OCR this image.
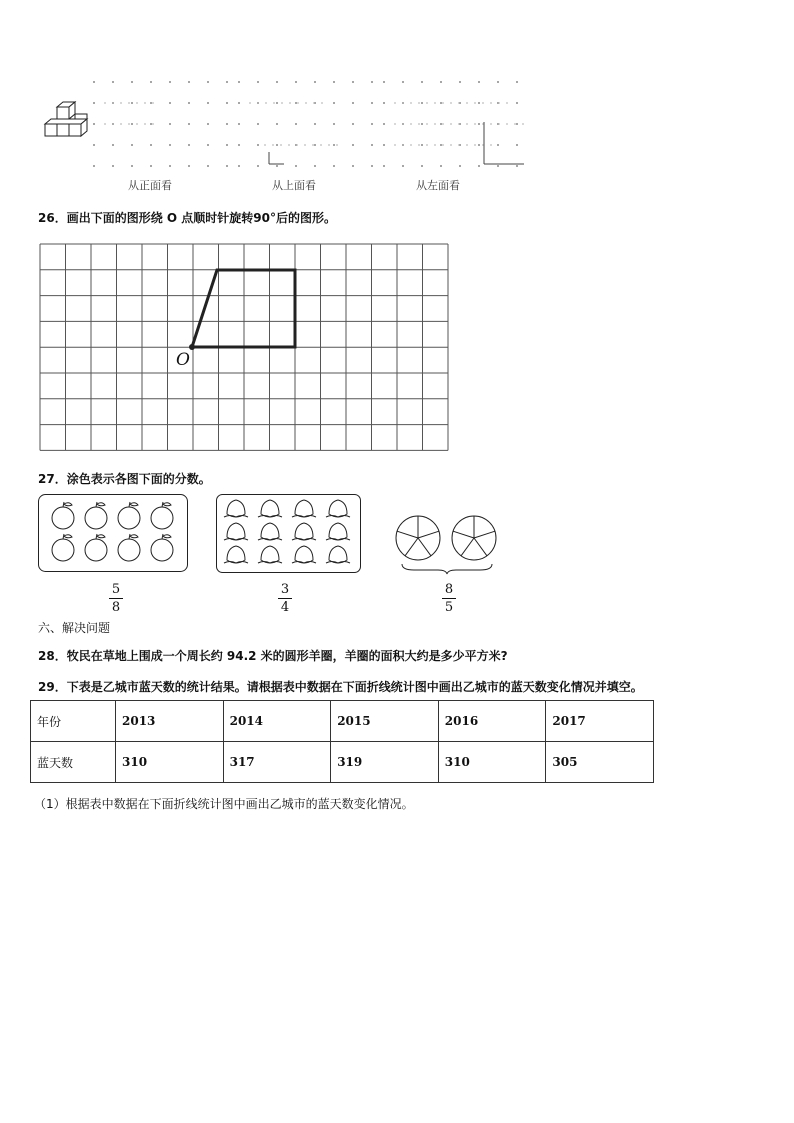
从正面看	从上面看	从左面看
26．画出下面的图形绕 O 点顺时针旋转90°后的图形。
O
27．涂色表示各图下面的分数。
5
8
3
4
8
5
六、解决问题
28．牧民在草地上围成一个周长约 94.2 米的圆形羊圈，羊圈的面积大约是多少平方米?
29．下表是乙城市蓝天数的统计结果。请根据表中数据在下面折线统计图中画出乙城市的蓝天数变化情况并填空。
年份	2013	2014	2015	2016	2017
蓝天数	310	317	319	310	305
（1）根据表中数据在下面折线统计图中画出乙城市的蓝天数变化情况。
